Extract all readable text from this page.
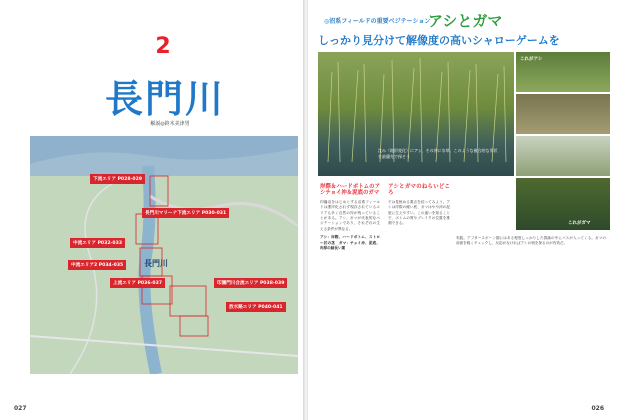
2
長門川
解説◎鈴木美津男
長門川
下流エリア P028-029
長門川マリーナ下流エリア P030-031
中流エリア P032-033
中流エリア2 P034-035
上流エリア P036-037	印旛門川合流エリア P038-039
放水路エリア P040-041
027
◎沼系フィールドの重要ベジテーション
アシとガマ
しっかり見分けて解像度の高いシャローゲームを
沈み（地形変化）にアシ、その沖に水草。このような複合的な形状を最優先で探そう
これがアシ
これがガマ
岸際＆ハードボトムのアシチョイ沖＆泥底のガマ

印旛沼をはじめとする沼系フィールドは護岸化されず現存されているエリアも多く自然の岸が残っていることがある。アシ、ガマが代表的なベジテーションであり、それぞれの生える条件が異なる。

アシ：岸際、ハードボトム、ストロー状の茎　ガマ：チョイ沖、泥底、肉厚の細長い葉

アシとガマのねらいどころ

では見極める要点を絞ってみよう。アシは岸際の硬い底、ガマはやや沖の泥底に生えやすい。この違いを知ることで、ボトムの質やブレイクの位置を推測できる。

実践。アフタースポーン期にはある程度しっかりした群落の中にバスが入ってくる。ガマの前面を軽くチェックし、反応がなければアシの奥を探るのが有効だ。

026
